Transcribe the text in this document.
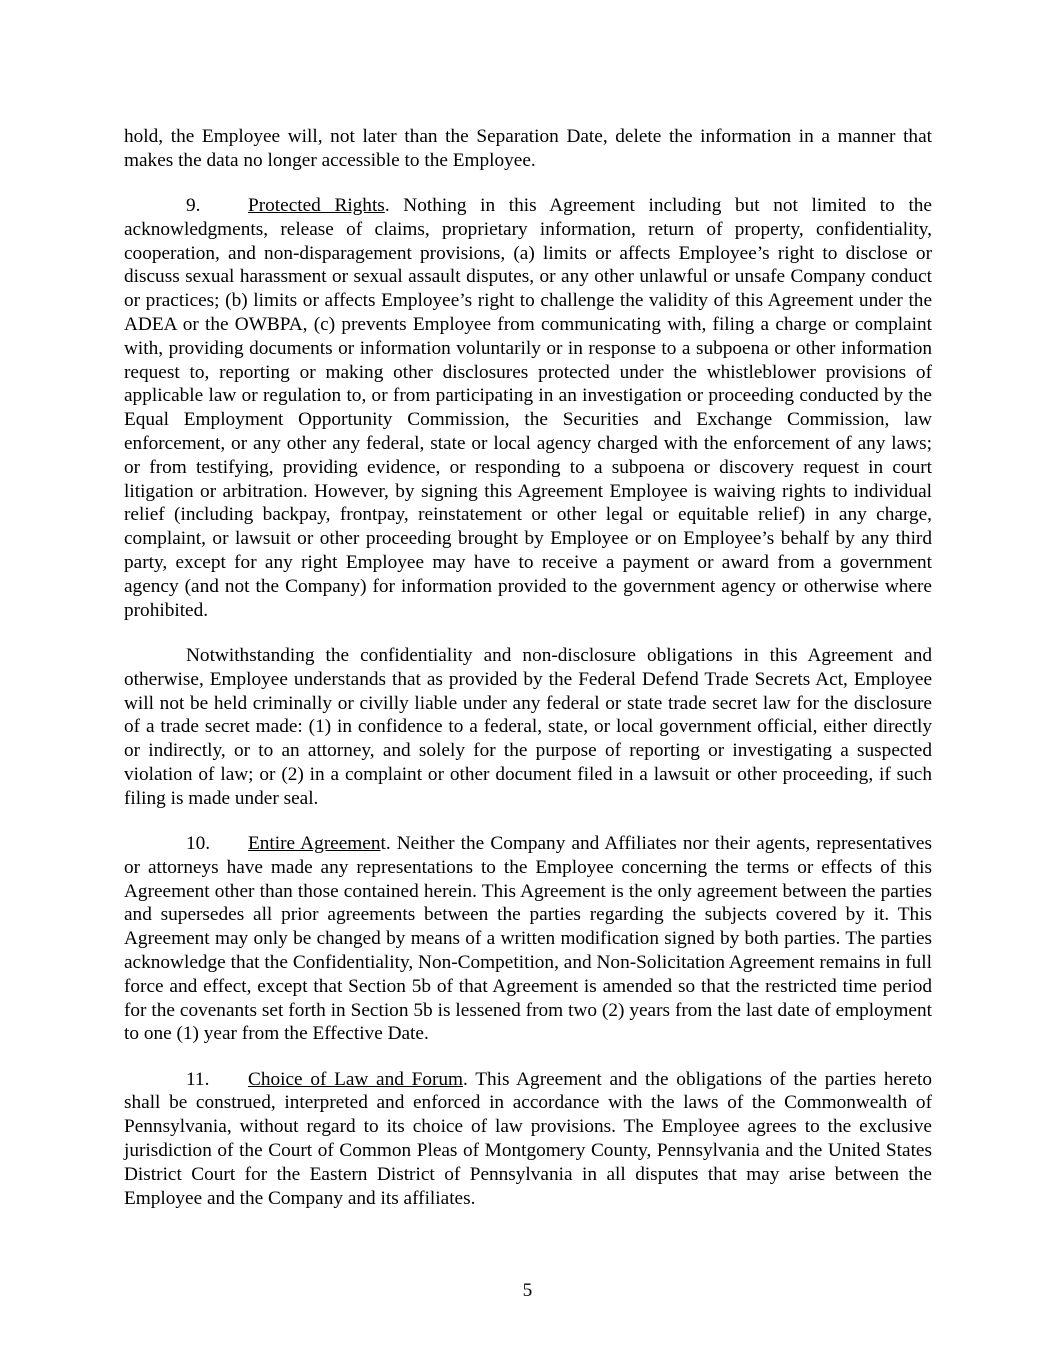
hold, the Employee will, not later than the Separation Date, delete the information in a manner that makes the data no longer accessible to the Employee.

9. Protected Rights. Nothing in this Agreement including but not limited to the acknowledgments, release of claims, proprietary information, return of property, confidentiality, cooperation, and non-disparagement provisions, (a) limits or affects Employee’s right to disclose or discuss sexual harassment or sexual assault disputes, or any other unlawful or unsafe Company conduct or practices; (b) limits or affects Employee’s right to challenge the validity of this Agreement under the ADEA or the OWBPA, (c) prevents Employee from communicating with, filing a charge or complaint with, providing documents or information voluntarily or in response to a subpoena or other information request to, reporting or making other disclosures protected under the whistleblower provisions of applicable law or regulation to, or from participating in an investigation or proceeding conducted by the Equal Employment Opportunity Commission, the Securities and Exchange Commission, law enforcement, or any other any federal, state or local agency charged with the enforcement of any laws; or from testifying, providing evidence, or responding to a subpoena or discovery request in court litigation or arbitration. However, by signing this Agreement Employee is waiving rights to individual relief (including backpay, frontpay, reinstatement or other legal or equitable relief) in any charge, complaint, or lawsuit or other proceeding brought by Employee or on Employee’s behalf by any third party, except for any right Employee may have to receive a payment or award from a government agency (and not the Company) for information provided to the government agency or otherwise where prohibited.

Notwithstanding the confidentiality and non-disclosure obligations in this Agreement and otherwise, Employee understands that as provided by the Federal Defend Trade Secrets Act, Employee will not be held criminally or civilly liable under any federal or state trade secret law for the disclosure of a trade secret made: (1) in confidence to a federal, state, or local government official, either directly or indirectly, or to an attorney, and solely for the purpose of reporting or investigating a suspected violation of law; or (2) in a complaint or other document filed in a lawsuit or other proceeding, if such filing is made under seal.

10. Entire Agreement. Neither the Company and Affiliates nor their agents, representatives or attorneys have made any representations to the Employee concerning the terms or effects of this Agreement other than those contained herein. This Agreement is the only agreement between the parties and supersedes all prior agreements between the parties regarding the subjects covered by it. This Agreement may only be changed by means of a written modification signed by both parties. The parties acknowledge that the Confidentiality, Non-Competition, and Non-Solicitation Agreement remains in full force and effect, except that Section 5b of that Agreement is amended so that the restricted time period for the covenants set forth in Section 5b is lessened from two (2) years from the last date of employment to one (1) year from the Effective Date.

11. Choice of Law and Forum. This Agreement and the obligations of the parties hereto shall be construed, interpreted and enforced in accordance with the laws of the Commonwealth of Pennsylvania, without regard to its choice of law provisions. The Employee agrees to the exclusive jurisdiction of the Court of Common Pleas of Montgomery County, Pennsylvania and the United States District Court for the Eastern District of Pennsylvania in all disputes that may arise between the Employee and the Company and its affiliates.

5
